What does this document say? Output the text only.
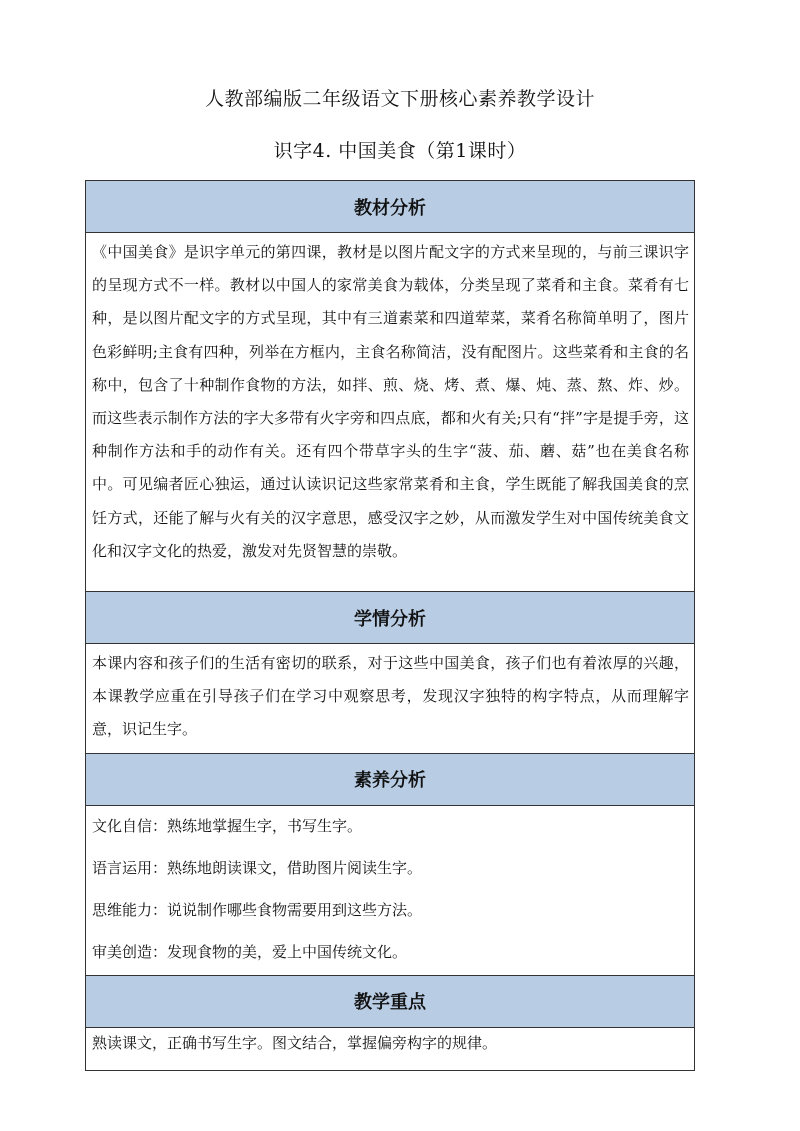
人教部编版二年级语文下册核心素养教学设计
识字4. 中国美食（第1课时）
教材分析

《中国美食》是识字单元的第四课，教材是以图片配文字的方式来呈现的，与前三课识字的呈现方式不一样。教材以中国人的家常美食为载体，分类呈现了菜肴和主食。菜肴有七种，是以图片配文字的方式呈现，其中有三道素菜和四道荤菜，菜肴名称简单明了，图片色彩鲜明;主食有四种，列举在方框内，主食名称简洁，没有配图片。这些菜肴和主食的名称中，包含了十种制作食物的方法，如拌、煎、烧、烤、煮、爆、炖、蒸、熬、炸、炒。而这些表示制作方法的字大多带有火字旁和四点底，都和火有关;只有“拌”字是提手旁，这种制作方法和手的动作有关。还有四个带草字头的生字“菠、茄、蘑、菇”也在美食名称中。可见编者匠心独运，通过认读识记这些家常菜肴和主食，学生既能了解我国美食的烹饪方式，还能了解与火有关的汉字意思，感受汉字之妙，从而激发学生对中国传统美食文化和汉字文化的热爱，激发对先贤智慧的崇敬。

学情分析

本课内容和孩子们的生活有密切的联系，对于这些中国美食，孩子们也有着浓厚的兴趣，本课教学应重在引导孩子们在学习中观察思考，发现汉字独特的构字特点，从而理解字意，识记生字。

素养分析

文化自信：熟练地掌握生字，书写生字。
语言运用：熟练地朗读课文，借助图片阅读生字。
思维能力：说说制作哪些食物需要用到这些方法。
审美创造：发现食物的美，爱上中国传统文化。

教学重点

熟读课文，正确书写生字。图文结合，掌握偏旁构字的规律。
